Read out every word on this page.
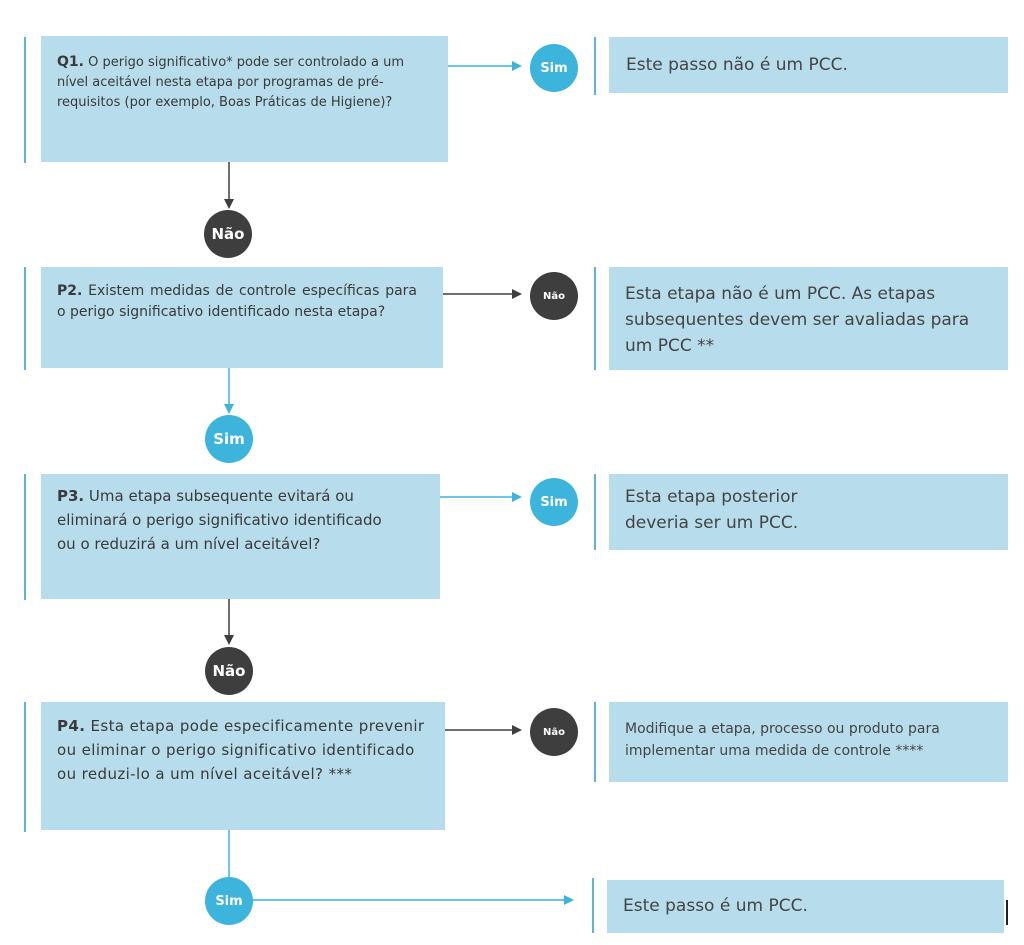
Q1. O perigo significativo* pode ser controlado a um nível aceitável nesta etapa por programas de pré-requisitos (por exemplo, Boas Práticas de Higiene)?

Sim	Este passo não é um PCC.

Não

P2. Existem medidas de controle específicas para o perigo significativo identificado nesta etapa?

Não	Esta etapa não é um PCC. As etapas subsequentes devem ser avaliadas para um PCC **

Sim

P3. Uma etapa subsequente evitará ou eliminará o perigo significativo identificado ou o reduzirá a um nível aceitável?

Sim	Esta etapa posterior

deveria ser um PCC.

Não

P4. Esta etapa pode especificamente prevenir ou eliminar o perigo significativo identificado ou reduzi-lo a um nível aceitável? ***

Não	Modifique a etapa, processo ou produto para implementar uma medida de controle ****

Sim	Este passo é um PCC.
